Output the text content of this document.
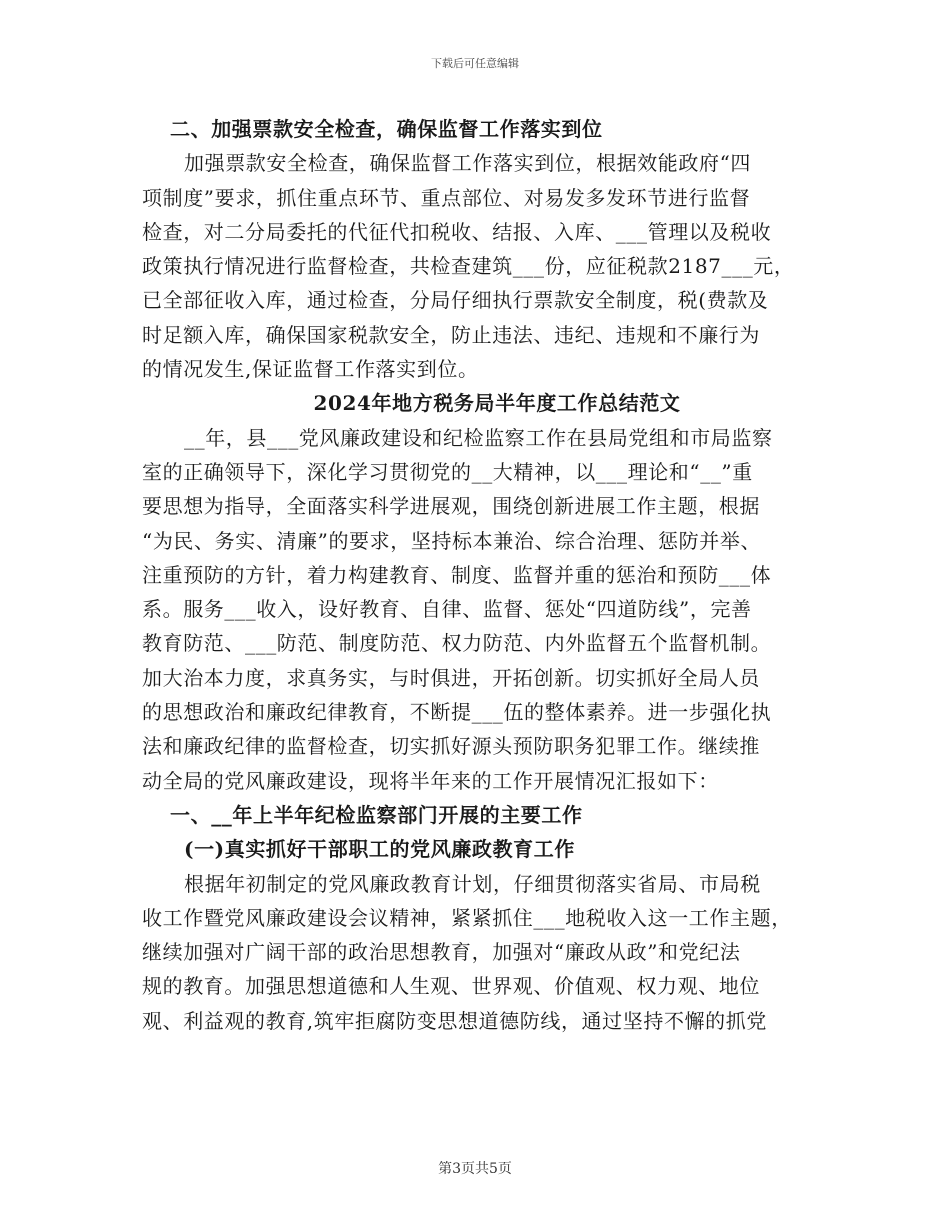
下载后可任意编辑
二、加强票款安全检查，确保监督工作落实到位
加强票款安全检查，确保监督工作落实到位，根据效能政府“四
项制度”要求，抓住重点环节、重点部位、对易发多发环节进行监督
检查，对二分局委托的代征代扣税收、结报、入库、___管理以及税收
政策执行情况进行监督检查，共检查建筑___份，应征税款2187___元，
已全部征收入库，通过检查，分局仔细执行票款安全制度，税(费款及
时足额入库，确保国家税款安全，防止违法、违纪、违规和不廉行为
的情况发生,保证监督工作落实到位。
2024年地方税务局半年度工作总结范文
__年，县___党风廉政建设和纪检监察工作在县局党组和市局监察
室的正确领导下，深化学习贯彻党的__大精神，以___理论和“__”重
要思想为指导，全面落实科学进展观，围绕创新进展工作主题，根据
“为民、务实、清廉”的要求，坚持标本兼治、综合治理、惩防并举、
注重预防的方针，着力构建教育、制度、监督并重的惩治和预防___体
系。服务___收入，设好教育、自律、监督、惩处“四道防线”，完善
教育防范、___防范、制度防范、权力防范、内外监督五个监督机制。
加大治本力度，求真务实，与时俱进，开拓创新。切实抓好全局人员
的思想政治和廉政纪律教育，不断提___伍的整体素养。进一步强化执
法和廉政纪律的监督检查，切实抓好源头预防职务犯罪工作。继续推
动全局的党风廉政建设，现将半年来的工作开展情况汇报如下：
一、__年上半年纪检监察部门开展的主要工作
(一)真实抓好干部职工的党风廉政教育工作
根据年初制定的党风廉政教育计划，仔细贯彻落实省局、市局税
收工作暨党风廉政建设会议精神，紧紧抓住___地税收入这一工作主题，
继续加强对广阔干部的政治思想教育，加强对“廉政从政”和党纪法
规的教育。加强思想道德和人生观、世界观、价值观、权力观、地位
观、利益观的教育,筑牢拒腐防变思想道德防线，通过坚持不懈的抓党
第3页共5页
